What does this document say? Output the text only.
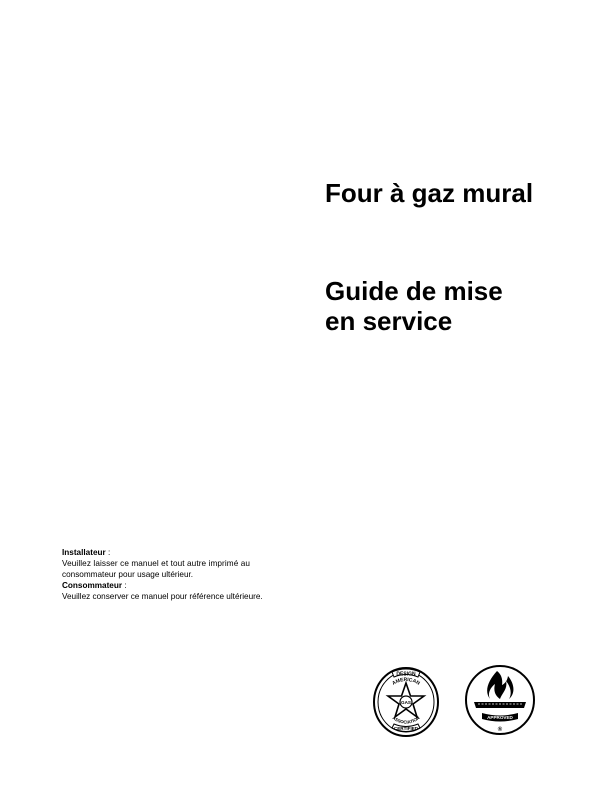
Four à gaz mural
Guide de mise
en service

Installateur :

Veuillez laisser ce manuel et tout autre imprimé au

consommateur pour usage ultérieur.

Consommateur :

Veuillez conserver ce manuel pour référence ultérieure.

DESIGN
AMERICAN
ASSOCIATION
GAS
CERTIFIED
APPROVED
®
